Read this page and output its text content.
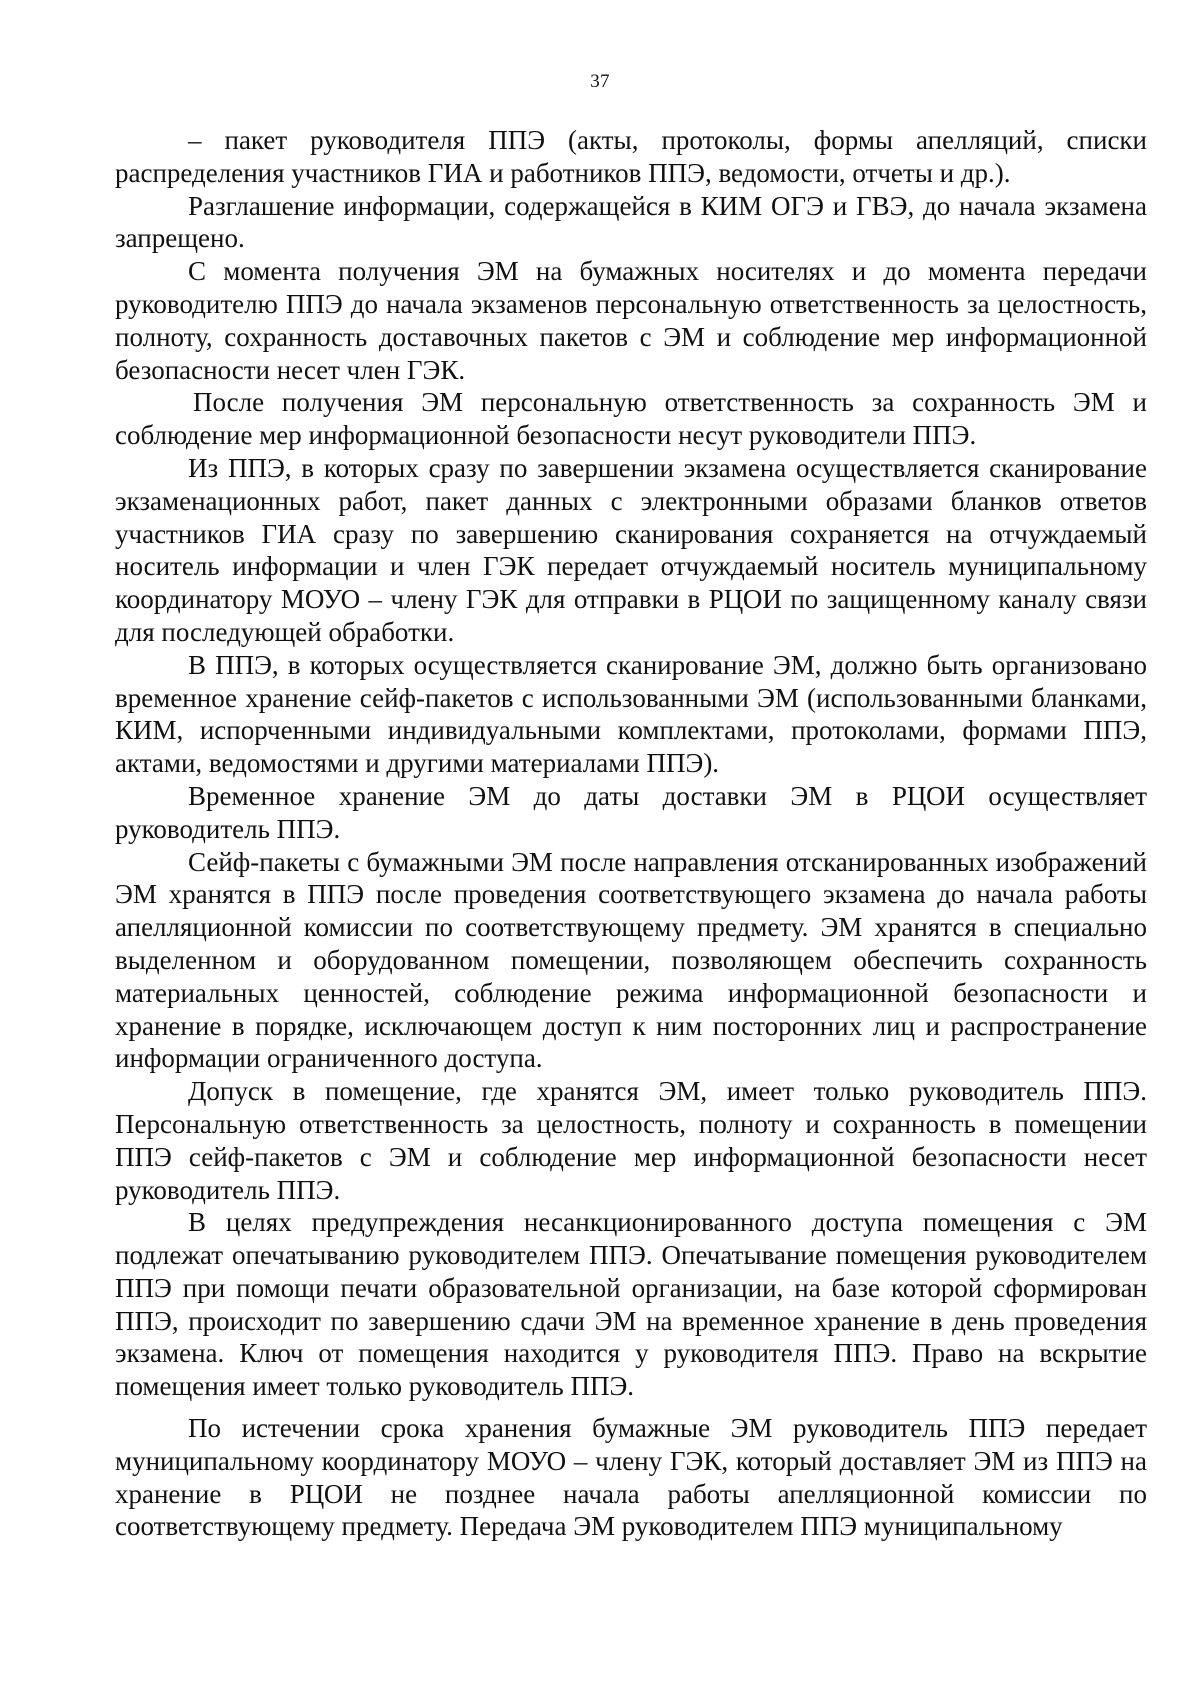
37

– пакет руководителя ППЭ (акты, протоколы, формы апелляций, списки распределения участников ГИА и работников ППЭ, ведомости, отчеты и др.).

Разглашение информации, содержащейся в КИМ ОГЭ и ГВЭ, до начала экзамена запрещено.

С момента получения ЭМ на бумажных носителях и до момента передачи руководителю ППЭ до начала экзаменов персональную ответственность за целостность, полноту, сохранность доставочных пакетов с ЭМ и соблюдение мер информационной безопасности несет член ГЭК.

После получения ЭМ персональную ответственность за сохранность ЭМ и соблюдение мер информационной безопасности несут руководители ППЭ.

Из ППЭ, в которых сразу по завершении экзамена осуществляется сканирование экзаменационных работ, пакет данных с электронными образами бланков ответов участников ГИА сразу по завершению сканирования сохраняется на отчуждаемый носитель информации и член ГЭК передает отчуждаемый носитель муниципальному координатору МОУО – члену ГЭК для отправки в РЦОИ по защищенному каналу связи для последующей обработки.

В ППЭ, в которых осуществляется сканирование ЭМ, должно быть организовано временное хранение сейф-пакетов с использованными ЭМ (использованными бланками, КИМ, испорченными индивидуальными комплектами, протоколами, формами ППЭ, актами, ведомостями и другими материалами ППЭ).

Временное хранение ЭМ до даты доставки ЭМ в РЦОИ осуществляет руководитель ППЭ.

Сейф-пакеты с бумажными ЭМ после направления отсканированных изображений ЭМ хранятся в ППЭ после проведения соответствующего экзамена до начала работы апелляционной комиссии по соответствующему предмету. ЭМ хранятся в специально выделенном и оборудованном помещении, позволяющем обеспечить сохранность материальных ценностей, соблюдение режима информационной безопасности и хранение в порядке, исключающем доступ к ним посторонних лиц и распространение информации ограниченного доступа.

Допуск в помещение, где хранятся ЭМ, имеет только руководитель ППЭ. Персональную ответственность за целостность, полноту и сохранность в помещении ППЭ сейф-пакетов с ЭМ и соблюдение мер информационной безопасности несет руководитель ППЭ.

В целях предупреждения несанкционированного доступа помещения с ЭМ подлежат опечатыванию руководителем ППЭ. Опечатывание помещения руководителем ППЭ при помощи печати образовательной организации, на базе которой сформирован ППЭ, происходит по завершению сдачи ЭМ на временное хранение в день проведения экзамена. Ключ от помещения находится у руководителя ППЭ. Право на вскрытие помещения имеет только руководитель ППЭ.

По истечении срока хранения бумажные ЭМ руководитель ППЭ передает муниципальному координатору МОУО – члену ГЭК, который доставляет ЭМ из ППЭ на хранение в РЦОИ не позднее начала работы апелляционной комиссии по соответствующему предмету. Передача ЭМ руководителем ППЭ муниципальному
